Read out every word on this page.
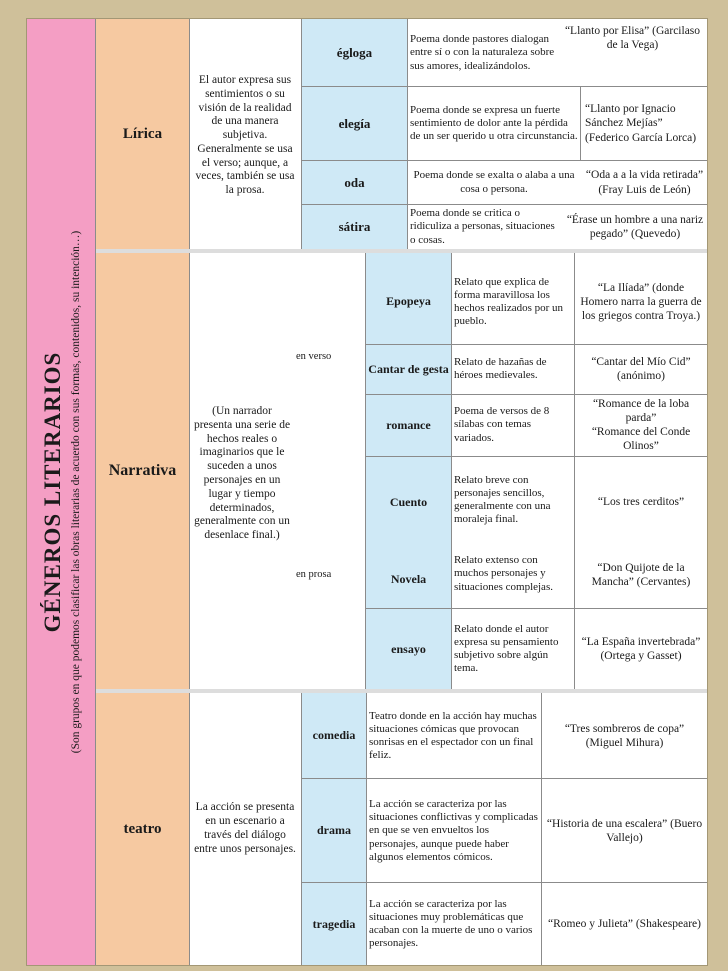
GÉNEROS LITERARIOS (Son grupos en que podemos clasificar las obras literarias de acuerdo con sus formas, contenidos, su intención…)
Lírica
El autor expresa sus sentimientos o su visión de la realidad de una manera subjetiva. Generalmente se usa el verso; aunque, a veces, también se usa la prosa.
égloga
elegía
oda
sátira
Poema donde pastores dialogan entre sí o con la naturaleza sobre sus amores, idealizándolos.
“Llanto por Elisa” (Garcilaso de la Vega)
Poema donde se expresa un fuerte sentimiento de dolor ante la pérdida de un ser querido u otra circunstancia.
“Llanto por Ignacio Sánchez Mejías” (Federico García Lorca)
Poema donde se exalta o alaba a una cosa o persona.
“Oda a a la vida retirada” (Fray Luis de León)
Poema donde se critica o ridiculiza a personas, situaciones o cosas.
“Érase un hombre a una nariz pegado” (Quevedo)
Narrativa
(Un narrador presenta una serie de hechos reales o imaginarios que le suceden a unos personajes en un lugar y tiempo determinados, generalmente con un desenlace final.)
en verso
en prosa
Epopeya
Cantar de gesta
romance
Cuento
Novela
ensayo
Relato que explica de forma maravillosa los hechos realizados por un pueblo.
“La Ilíada” (donde Homero narra la guerra de los griegos contra Troya.)
Relato de hazañas de héroes medievales.
“Cantar del Mío Cid” (anónimo)
Poema de versos de 8 sílabas con temas variados.
“Romance de la loba parda”
“Romance del Conde Olinos”
Relato breve con personajes sencillos, generalmente con una moraleja final.
“Los tres cerditos”
Relato extenso con muchos personajes y situaciones complejas.
“Don Quijote de la Mancha” (Cervantes)
Relato donde el autor expresa su pensamiento subjetivo sobre algún tema.
“La España invertebrada” (Ortega y Gasset)
teatro
La acción se presenta en un escenario a través del diálogo entre unos personajes.
comedia
drama
tragedia
Teatro donde en la acción hay muchas situaciones cómicas que provocan sonrisas en el espectador con un final feliz.
“Tres sombreros de copa” (Miguel Mihura)
La acción se caracteriza por las situaciones conflictivas y complicadas en que se ven envueltos los personajes, aunque puede haber algunos elementos cómicos.
“Historia de una escalera” (Buero Vallejo)
La acción se caracteriza por las situaciones muy problemáticas que acaban con la muerte de uno o varios personajes.
“Romeo y Julieta” (Shakespeare)
